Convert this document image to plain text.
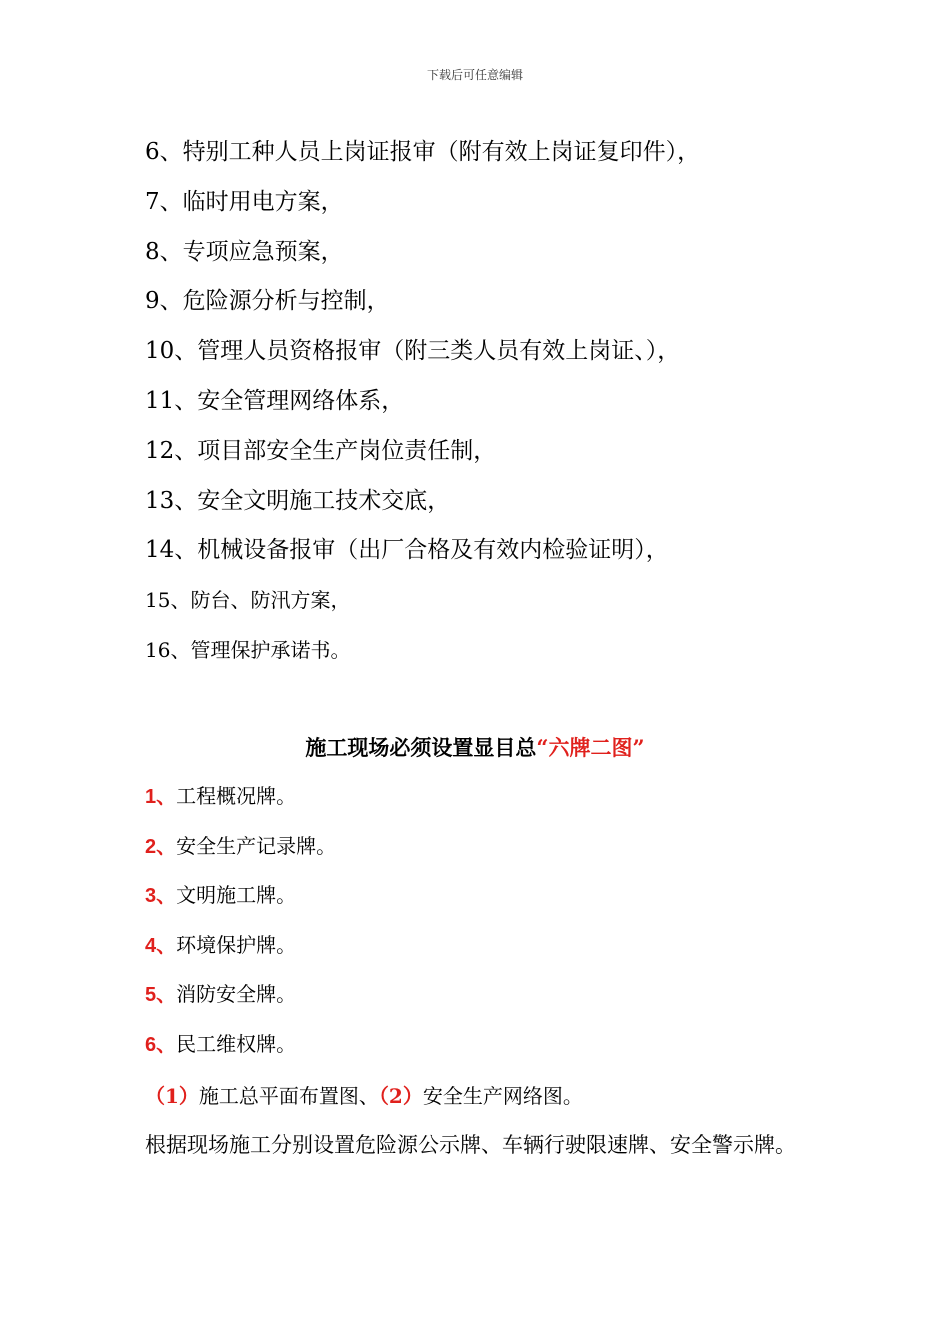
下载后可任意编辑
6、特别工种人员上岗证报审（附有效上岗证复印件），
7、临时用电方案，
8、专项应急预案，
9、危险源分析与控制，
10、管理人员资格报审（附三类人员有效上岗证、），
11、安全管理网络体系，
12、项目部安全生产岗位责任制，
13、安全文明施工技术交底，
14、机械设备报审（出厂合格及有效内检验证明），
15、防台、防汛方案，
16、管理保护承诺书。
施工现场必须设置显目总“六牌二图”
1、工程概况牌。
2、安全生产记录牌。
3、文明施工牌。
4、环境保护牌。
5、消防安全牌。
6、民工维权牌。
（1）施工总平面布置图、（2）安全生产网络图。
根据现场施工分别设置危险源公示牌、车辆行驶限速牌、安全警示牌。
